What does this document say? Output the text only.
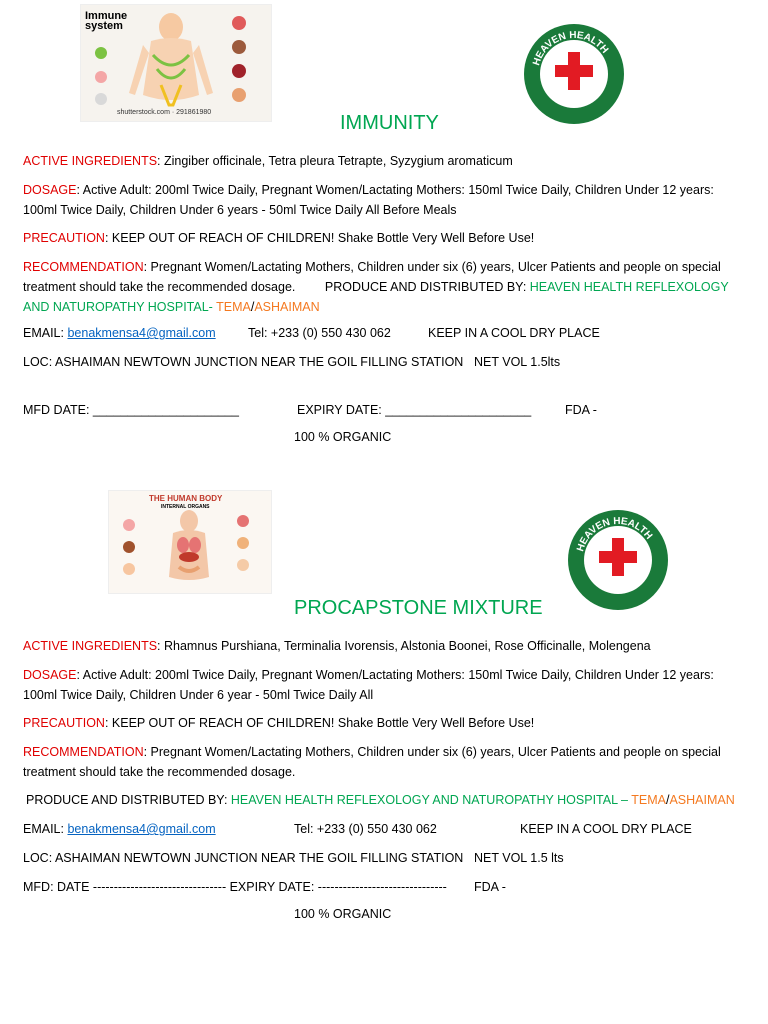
Immune
system
shutterstock.com · 291861980
HEAVEN HEALTH
IMMUNITY
ACTIVE INGREDIENTS: Zingiber officinale, Tetra pleura Tetrapte, Syzygium aromaticum
DOSAGE: Active Adult: 200ml Twice Daily, Pregnant Women/Lactating Mothers: 150ml Twice Daily, Children Under 12 years: 100ml Twice Daily, Children Under 6 years - 50ml Twice Daily All Before Meals
PRECAUTION: KEEP OUT OF REACH OF CHILDREN! Shake Bottle Very Well Before Use!
RECOMMENDATION: Pregnant Women/Lactating Mothers, Children under six (6) years, Ulcer Patients and people on special treatment should take the recommended dosage. PRODUCE AND DISTRIBUTED BY: HEAVEN HEALTH REFLEXOLOGY AND NATUROPATHY HOSPITAL- TEMA/ASHAIMAN
EMAIL: benakmensa4@gmail.com	Tel: +233 (0) 550 430 062	KEEP IN A COOL DRY PLACE
LOC: ASHAIMAN NEWTOWN JUNCTION NEAR THE GOIL FILLING STATION NET VOL 1.5lts
MFD DATE: _____________________	EXPIRY DATE: _____________________	FDA -
100 % ORGANIC
THE HUMAN BODY
INTERNAL ORGANS
HEAVEN HEALTH
PROCAPSTONE MIXTURE
ACTIVE INGREDIENTS: Rhamnus Purshiana, Terminalia Ivorensis, Alstonia Boonei, Rose Officinalle, Molengena
DOSAGE: Active Adult: 200ml Twice Daily, Pregnant Women/Lactating Mothers: 150ml Twice Daily, Children Under 12 years: 100ml Twice Daily, Children Under 6 year - 50ml Twice Daily All
PRECAUTION: KEEP OUT OF REACH OF CHILDREN! Shake Bottle Very Well Before Use!
RECOMMENDATION: Pregnant Women/Lactating Mothers, Children under six (6) years, Ulcer Patients and people on special treatment should take the recommended dosage.
PRODUCE AND DISTRIBUTED BY: HEAVEN HEALTH REFLEXOLOGY AND NATUROPATHY HOSPITAL – TEMA/ASHAIMAN
EMAIL: benakmensa4@gmail.com	Tel: +233 (0) 550 430 062	KEEP IN A COOL DRY PLACE
LOC: ASHAIMAN NEWTOWN JUNCTION NEAR THE GOIL FILLING STATION NET VOL 1.5 lts
MFD: DATE -------------------------------- EXPIRY DATE: ------------------------------- FDA -
100 % ORGANIC
